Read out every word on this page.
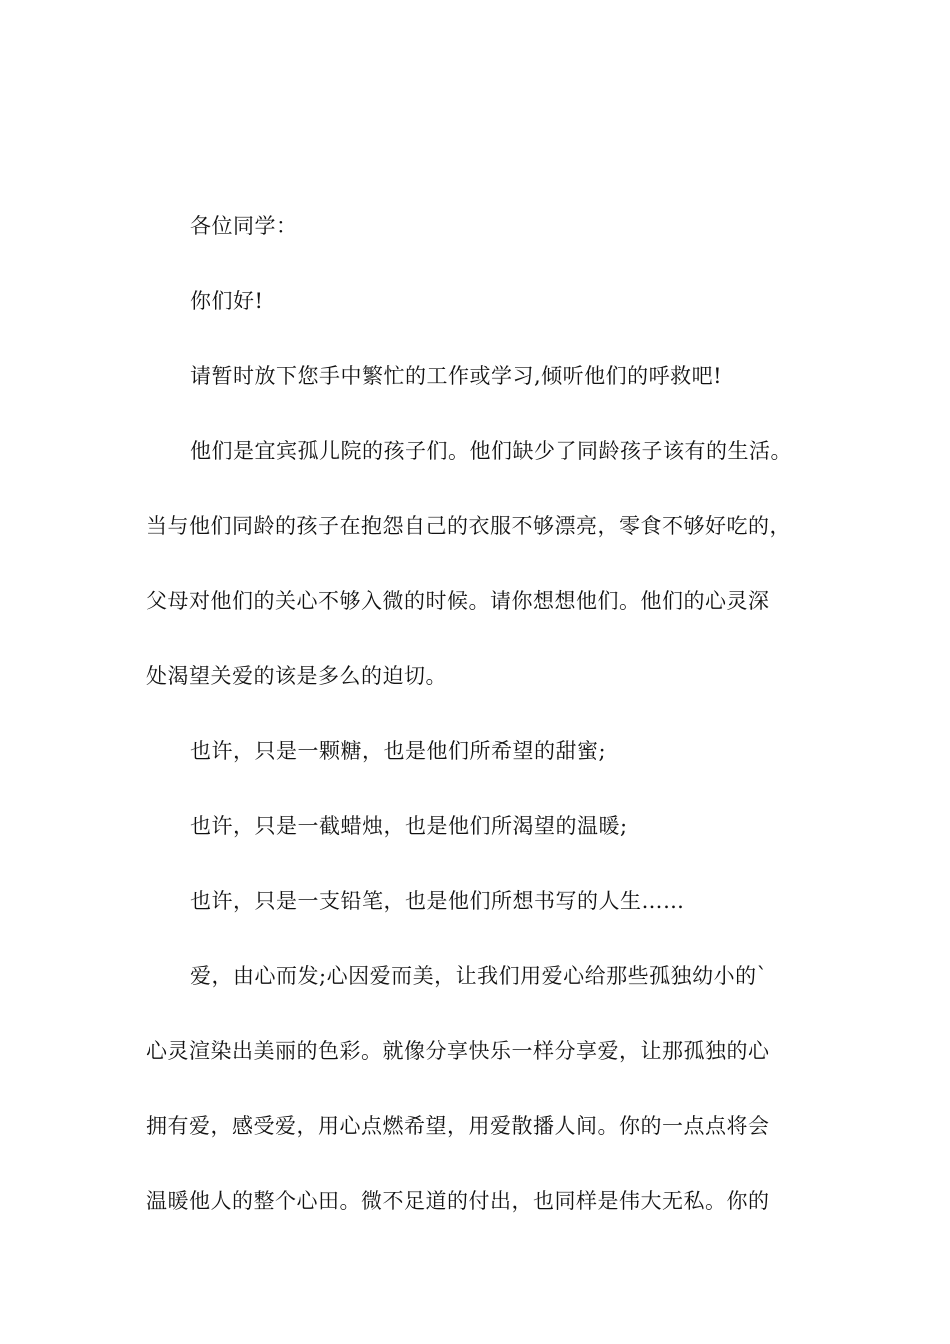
各位同学：
你们好!
请暂时放下您手中繁忙的工作或学习,倾听他们的呼救吧!
他们是宜宾孤儿院的孩子们。他们缺少了同龄孩子该有的生活。
当与他们同龄的孩子在抱怨自己的衣服不够漂亮，零食不够好吃的，
父母对他们的关心不够入微的时候。请你想想他们。他们的心灵深
处渴望关爱的该是多么的迫切。
也许，只是一颗糖，也是他们所希望的甜蜜;
也许，只是一截蜡烛，也是他们所渴望的温暖;
也许，只是一支铅笔，也是他们所想书写的人生……
爱，由心而发;心因爱而美，让我们用爱心给那些孤独幼小的`
心灵渲染出美丽的色彩。就像分享快乐一样分享爱，让那孤独的心
拥有爱，感受爱，用心点燃希望，用爱散播人间。你的一点点将会
温暖他人的整个心田。微不足道的付出，也同样是伟大无私。你的
